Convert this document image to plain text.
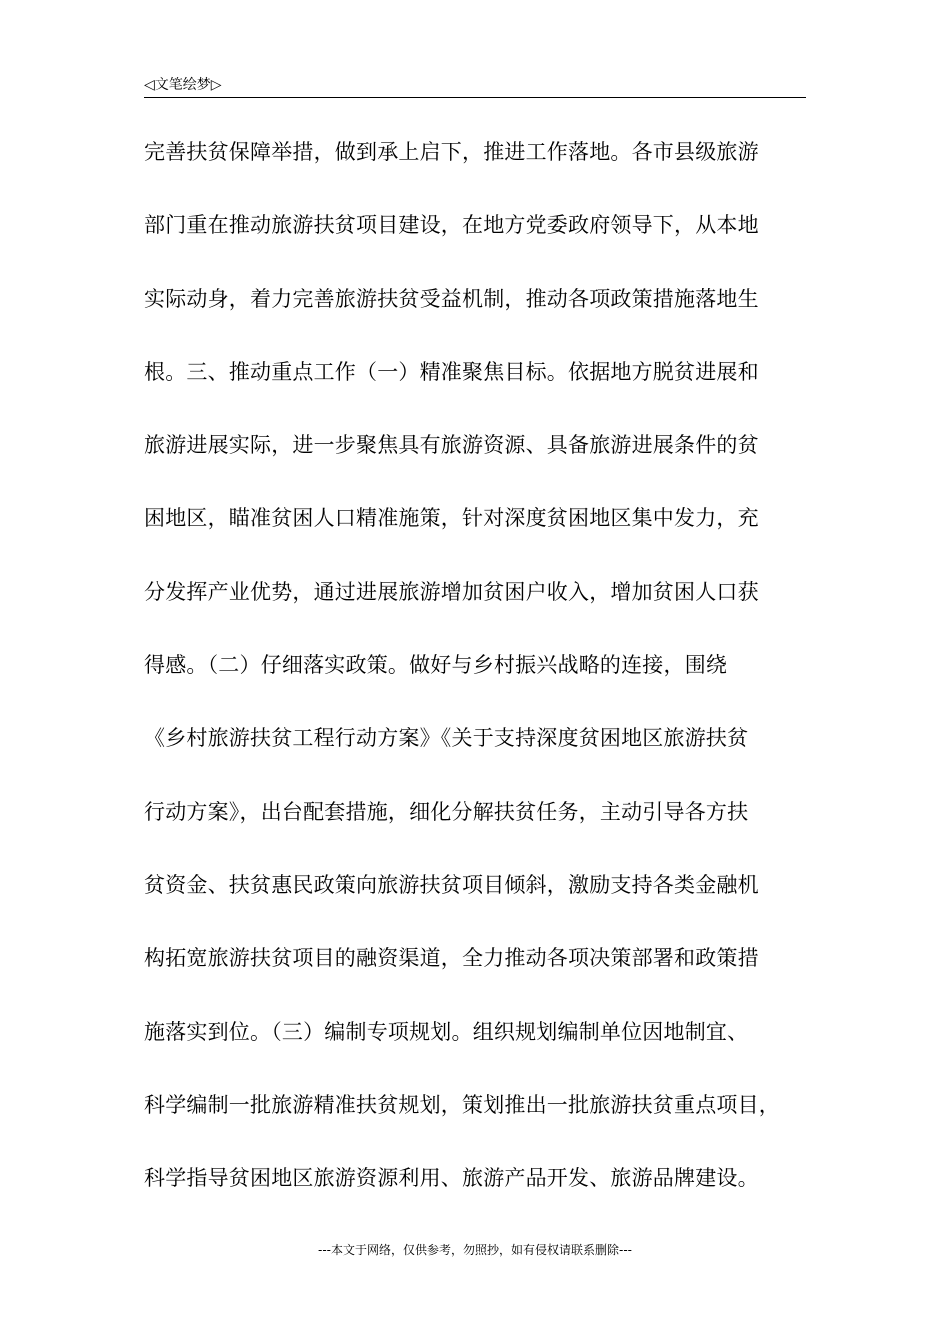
◁文笔绘梦▷
完善扶贫保障举措，做到承上启下，推进工作落地。各市县级旅游
部门重在推动旅游扶贫项目建设，在地方党委政府领导下，从本地
实际动身，着力完善旅游扶贫受益机制，推动各项政策措施落地生
根。三、推动重点工作（一）精准聚焦目标。依据地方脱贫进展和
旅游进展实际，进一步聚焦具有旅游资源、具备旅游进展条件的贫
困地区，瞄准贫困人口精准施策，针对深度贫困地区集中发力，充
分发挥产业优势，通过进展旅游增加贫困户收入，增加贫困人口获
得感。（二）仔细落实政策。做好与乡村振兴战略的连接，围绕
《乡村旅游扶贫工程行动方案》《关于支持深度贫困地区旅游扶贫
行动方案》，出台配套措施，细化分解扶贫任务，主动引导各方扶
贫资金、扶贫惠民政策向旅游扶贫项目倾斜，激励支持各类金融机
构拓宽旅游扶贫项目的融资渠道，全力推动各项决策部署和政策措
施落实到位。（三）编制专项规划。组织规划编制单位因地制宜、
科学编制一批旅游精准扶贫规划，策划推出一批旅游扶贫重点项目，
科学指导贫困地区旅游资源利用、旅游产品开发、旅游品牌建设。
---本文于网络，仅供参考，勿照抄，如有侵权请联系删除---
